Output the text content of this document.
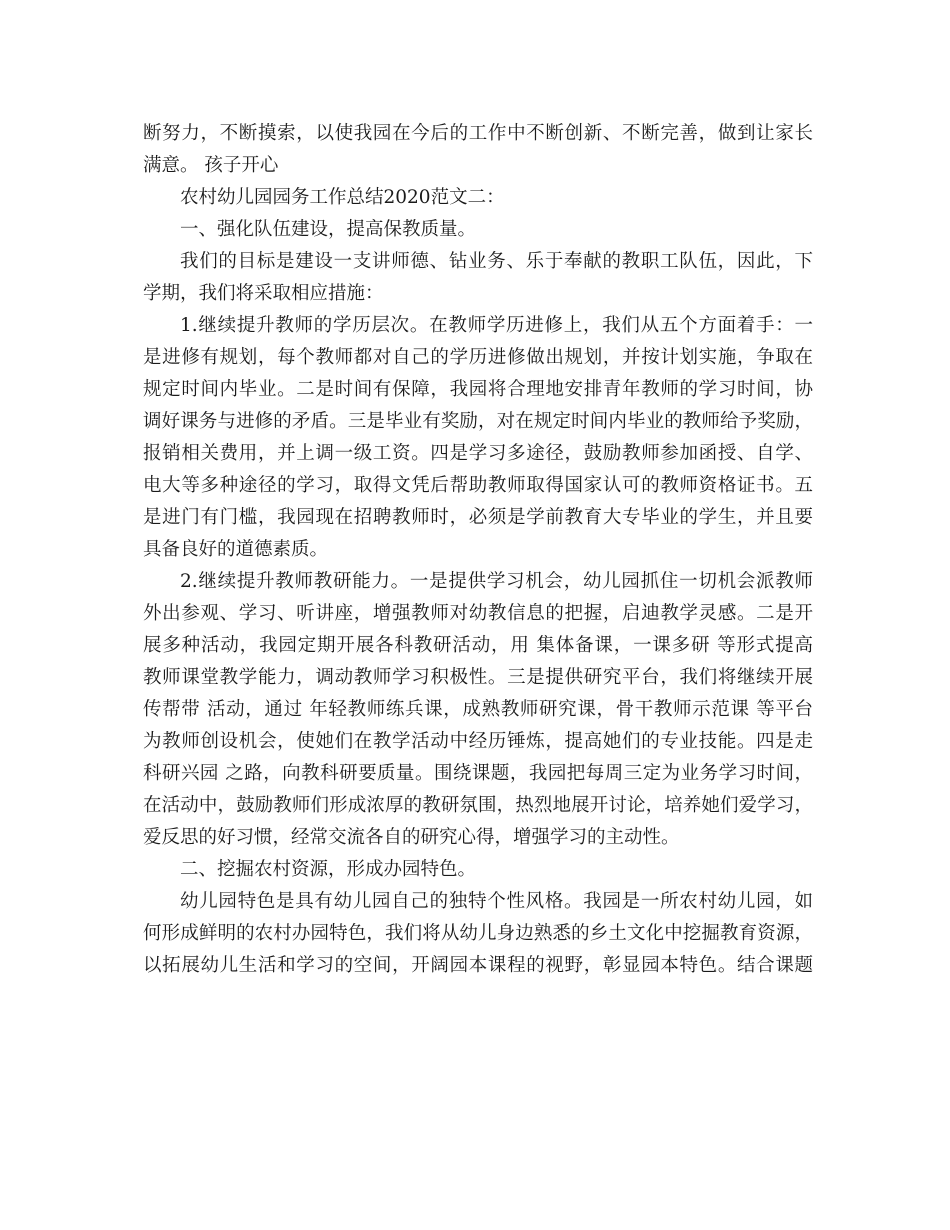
断努力，不断摸索，以使我园在今后的工作中不断创新、不断完善，做到让家长
满意。 孩子开心
农村幼儿园园务工作总结2020范文二：
一、强化队伍建设，提高保教质量。
我们的目标是建设一支讲师德、钻业务、乐于奉献的教职工队伍，因此，下
学期，我们将采取相应措施：
1.继续提升教师的学历层次。在教师学历进修上，我们从五个方面着手：一
是进修有规划，每个教师都对自己的学历进修做出规划，并按计划实施，争取在
规定时间内毕业。二是时间有保障，我园将合理地安排青年教师的学习时间，协
调好课务与进修的矛盾。三是毕业有奖励，对在规定时间内毕业的教师给予奖励，
报销相关费用，并上调一级工资。四是学习多途径，鼓励教师参加函授、自学、
电大等多种途径的学习，取得文凭后帮助教师取得国家认可的教师资格证书。五
是进门有门槛，我园现在招聘教师时，必须是学前教育大专毕业的学生，并且要
具备良好的道德素质。
2.继续提升教师教研能力。一是提供学习机会，幼儿园抓住一切机会派教师
外出参观、学习、听讲座，增强教师对幼教信息的把握，启迪教学灵感。二是开
展多种活动，我园定期开展各科教研活动，用 集体备课，一课多研 等形式提高
教师课堂教学能力，调动教师学习积极性。三是提供研究平台，我们将继续开展
传帮带 活动，通过 年轻教师练兵课，成熟教师研究课，骨干教师示范课 等平台
为教师创设机会，使她们在教学活动中经历锤炼，提高她们的专业技能。四是走
科研兴园 之路，向教科研要质量。围绕课题，我园把每周三定为业务学习时间，
在活动中，鼓励教师们形成浓厚的教研氛围，热烈地展开讨论，培养她们爱学习，
爱反思的好习惯，经常交流各自的研究心得，增强学习的主动性。
二、挖掘农村资源，形成办园特色。
幼儿园特色是具有幼儿园自己的独特个性风格。我园是一所农村幼儿园，如
何形成鲜明的农村办园特色，我们将从幼儿身边熟悉的乡土文化中挖掘教育资源，
以拓展幼儿生活和学习的空间，开阔园本课程的视野，彰显园本特色。结合课题
